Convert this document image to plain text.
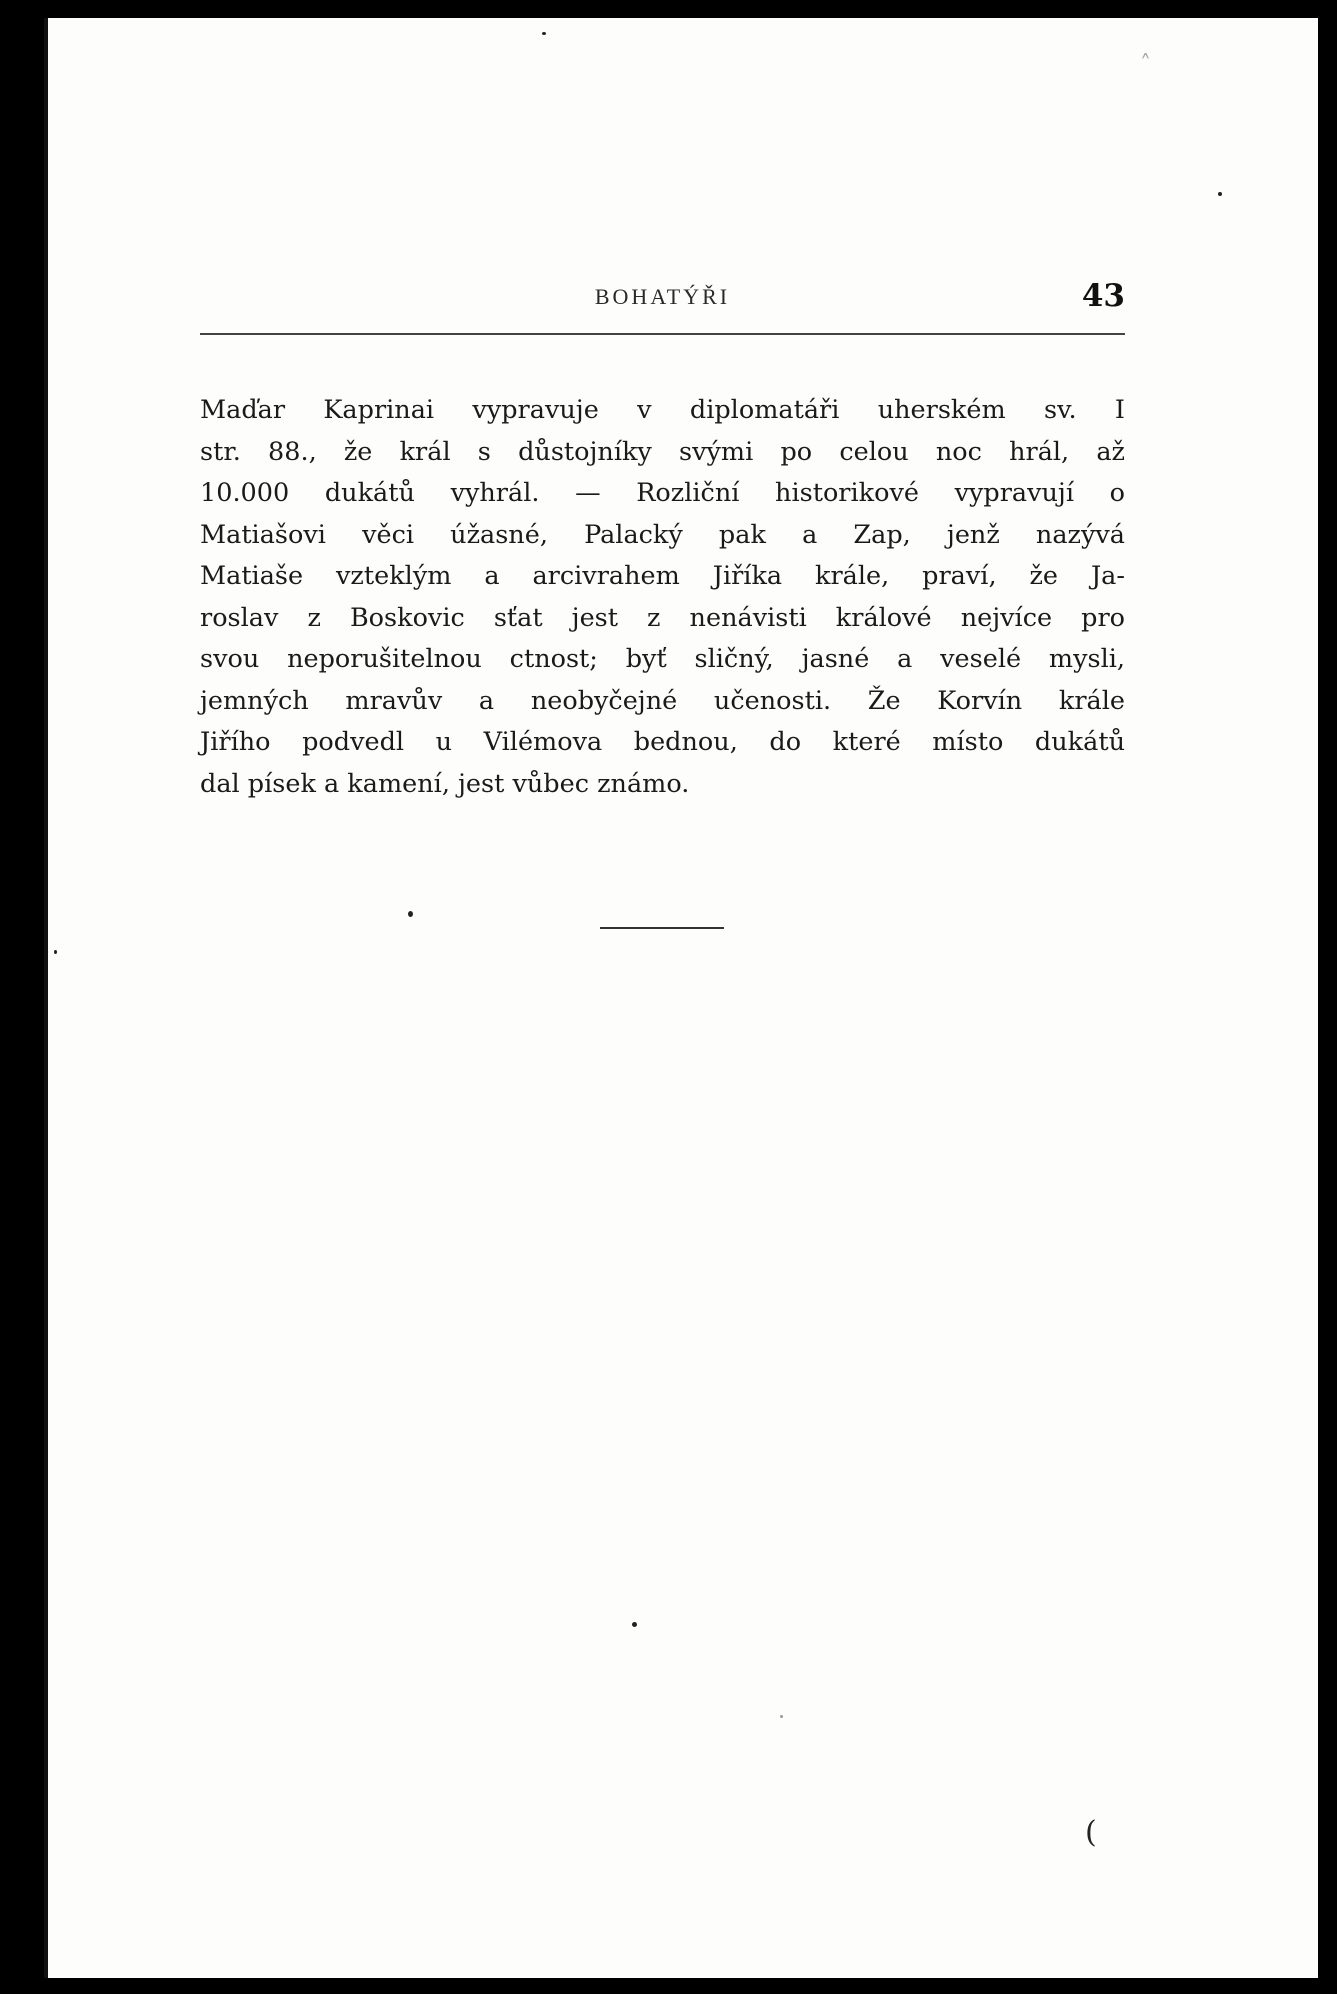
˄
BOHATÝŘI	43
Maďar Kaprinai vypravuje v diplomatáři uherském sv. I
str. 88., že král s důstojníky svými po celou noc hrál, až
10.000 dukátů vyhrál. — Rozliční historikové vypravují o
Matiašovi věci úžasné, Palacký pak a Zap, jenž nazývá
Matiaše vzteklým a arcivrahem Jiříka krále, praví, že Ja-
roslav z Boskovic sťat jest z nenávisti králové nejvíce pro
svou neporušitelnou ctnost; byť sličný, jasné a veselé mysli,
jemných mravův a neobyčejné učenosti. Že Korvín krále
Jiřího podvedl u Vilémova bednou, do které místo dukátů
dal písek a kamení, jest vůbec známo.
(
